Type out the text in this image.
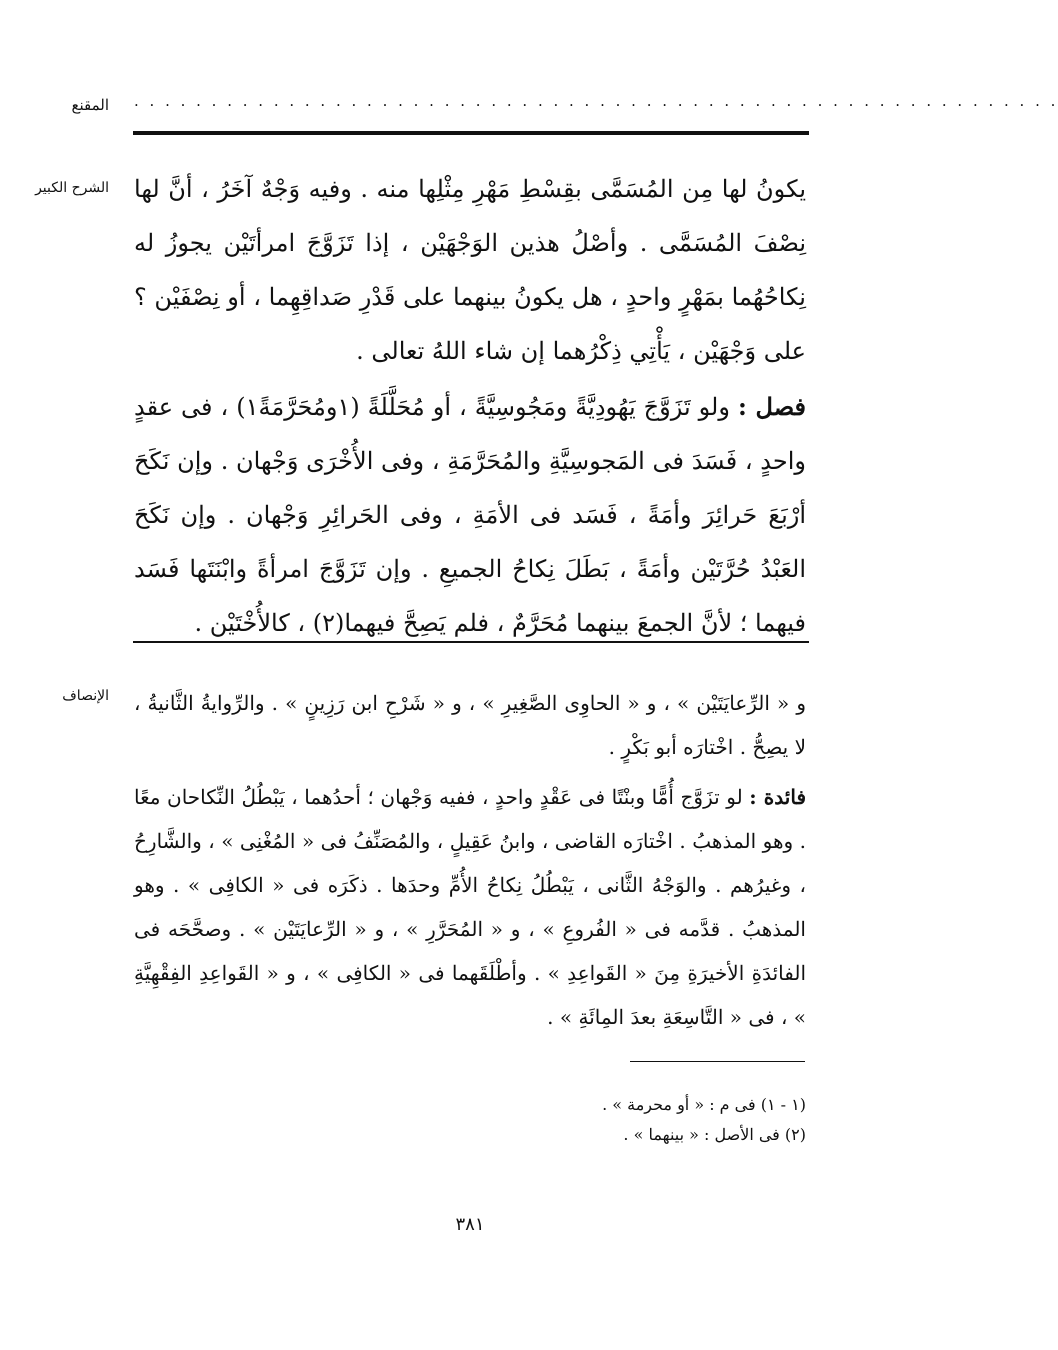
المقنع · · · · · · · · · · · · · · · · · · · · · · · · · · · · · · · · · · · · · · · · · · · · · · · · · · · · · · · · · · · ·
الشرح الكبير يكونُ لها مِن المُسَمَّى بقِسْطِ مَهْرِ مِثْلِها منه . وفيه وَجْهٌ آخَرُ ، أنَّ لها نِصْفَ المُسَمَّى . وأصْلُ هذين الوَجْهَيْن ، إذا تَزَوَّجَ امرأتَيْن يجوزُ له نِكاحُهُما بمَهْرٍ واحدٍ ، هل يكونُ بينهما على قَدْرِ صَداقِهِما ، أو نِصْفَيْن ؟ على وَجْهَيْن ، يَأْتِي ذِكْرُهما إن شاء اللهُ تعالى .

فصل : ولو تَزَوَّجَ يَهُودِيَّةً ومَجُوسِيَّةً ، أو مُحَلَّلَةً (١ومُحَرَّمَةً١) ، فى عقدٍ واحدٍ ، فَسَدَ فى المَجوسِيَّةِ والمُحَرَّمَةِ ، وفى الأُخْرَى وَجْهان . وإن نَكَحَ أرْبَعَ حَرائِرَ وأمَةً ، فَسَد فى الأمَةِ ، وفى الحَرائِرِ وَجْهان . وإن نَكَحَ العَبْدُ حُرَّتَيْن وأمَةً ، بَطَلَ نِكاحُ الجميعِ . وإن تَزَوَّجَ امرأةً وابْنَتَها فَسَد فيهما ؛ لأنَّ الجمعَ بينهما مُحَرَّمٌ ، فلم يَصِحَّ فيهما(٢) ، كالأُخْتَيْن .

الإنصاف و « الرِّعايَتَيْن » ، و « الحاوِى الصَّغِيرِ » ، و « شَرْحِ ابن رَزِينٍ » . والرِّوايةُ الثَّانيةُ ، لا يصِحُّ . اخْتارَه أبو بَكْرٍ .

فائدة : لو تزَوَّج أُمًّا وبنْتًا فى عَقْدٍ واحدٍ ، ففيه وَجْهان ؛ أحدُهما ، يَبْطُلُ النِّكاحان معًا . وهو المذهبُ . اخْتارَه القاضى ، وابنُ عَقِيلٍ ، والمُصَنِّفُ فى « المُغْنِى » ، والشَّارِحُ ، وغيرُهم . والوَجْهُ الثَّانى ، يَبْطُلُ نِكاحُ الأُمِّ وحدَها . ذكَرَه فى « الكافِى » . وهو المذهبُ . قدَّمه فى « الفُروعِ » ، و « المُحَرَّرِ » ، و « الرِّعايَتَيْن » . وصحَّحَه فى الفائدَةِ الأخيرَةِ مِنَ « القَواعِدِ » . وأطْلَقَهما فى « الكافِى » ، و « القَواعِدِ الفِقْهِيَّةِ » ، فى « التَّاسِعَةِ بعدَ المِائَةِ » .

(١ - ١) فى م : « أو محرمة » .
(٢) فى الأصل : « بينهما » .
٣٨١
